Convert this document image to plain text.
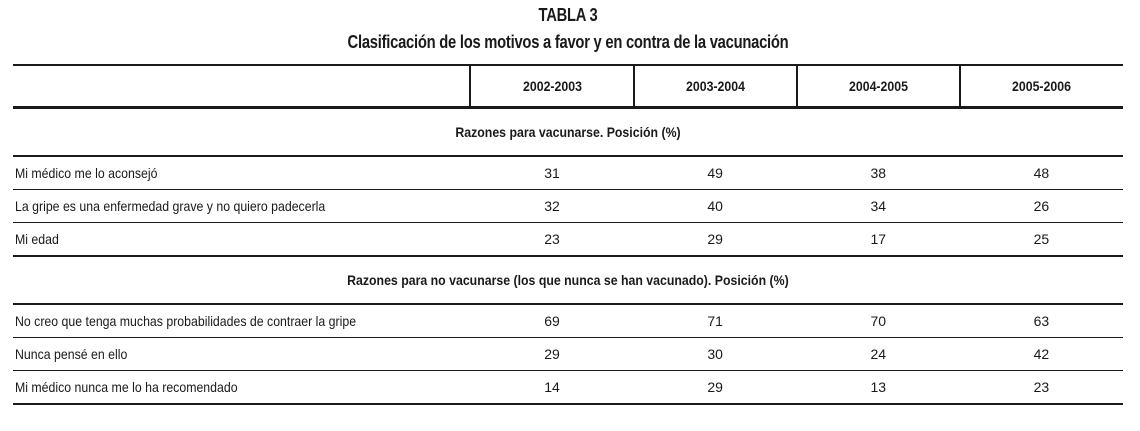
TABLA 3
Clasificación de los motivos a favor y en contra de la vacunación
	2002-2003	2003-2004	2004-2005	2005-2006
Razones para vacunarse. Posición (%)				
Mi médico me lo aconsejó	31	49	38	48
La gripe es una enfermedad grave y no quiero padecerla	32	40	34	26
Mi edad	23	29	17	25
Razones para no vacunarse (los que nunca se han vacunado). Posición (%)				
No creo que tenga muchas probabilidades de contraer la gripe	69	71	70	63
Nunca pensé en ello	29	30	24	42
Mi médico nunca me lo ha recomendado	14	29	13	23
